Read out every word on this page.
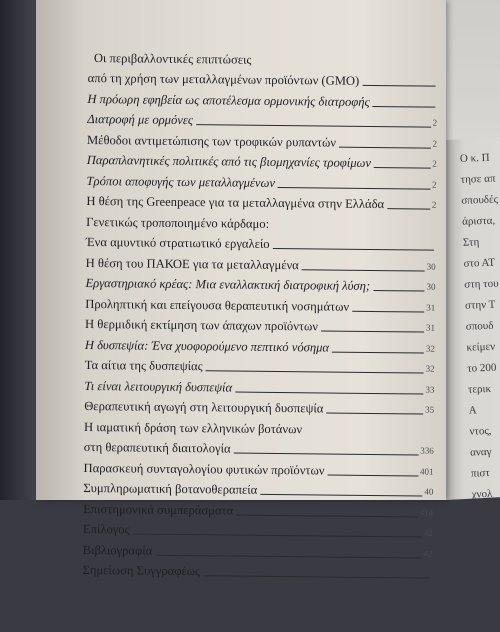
Ο κ. Π
τησε απ
σπουδές
άριστα,
Στη
στο ΑΤ
στη του
στην Τ
σπουδ
κείμεν
το 200
τερικ
Α
ντος,
αναγ
πιστ
χνολ
χον
δου
Νο
στ
το
Gm
Οι περιβαλλοντικές επιπτώσεις
από τη χρήση των μεταλλαγμένων προϊόντων (GMO)
Η πρόωρη εφηβεία ως αποτέλεσμα ορμονικής διατροφής
Διατροφή με ορμόνες	2
Μέθοδοι αντιμετώπισης των τροφικών ρυπαντών	2
Παραπλανητικές πολιτικές από τις βιομηχανίες τροφίμων	2
Τρόποι αποφυγής των μεταλλαγμένων	2
Η θέση της Greenpeace για τα μεταλλαγμένα στην Ελλάδα	2
Γενετικώς τροποποιημένο κάρδαμο:
Ένα αμυντικό στρατιωτικό εργαλείο
Η θέση του ΠΑΚΟΕ για τα μεταλλαγμένα	30
Εργαστηριακό κρέας: Μια εναλλακτική διατροφική λύση;	30
Προληπτική και επείγουσα θεραπευτική νοσημάτων	31
Η θερμιδική εκτίμηση των άπαχων προϊόντων	31
Η δυσπεψία: Ένα χυοφορούμενο πεπτικό νόσημα	32
Τα αίτια της δυσπεψίας	32
Τι είναι λειτουργική δυσπεψία	33
Θεραπευτική αγωγή στη λειτουργική δυσπεψία	35
Η ιαματική δράση των ελληνικών βοτάνων
στη θεραπευτική διαιτολογία	336
Παρασκευή συνταγολογίου φυτικών προϊόντων	401
Συμπληρωματική βοτανοθεραπεία	40
Επιστημονικά συμπεράσματα	414
Επίλογος	42
Βιβλιογραφία	42
Σημείωση Συγγραφέως
